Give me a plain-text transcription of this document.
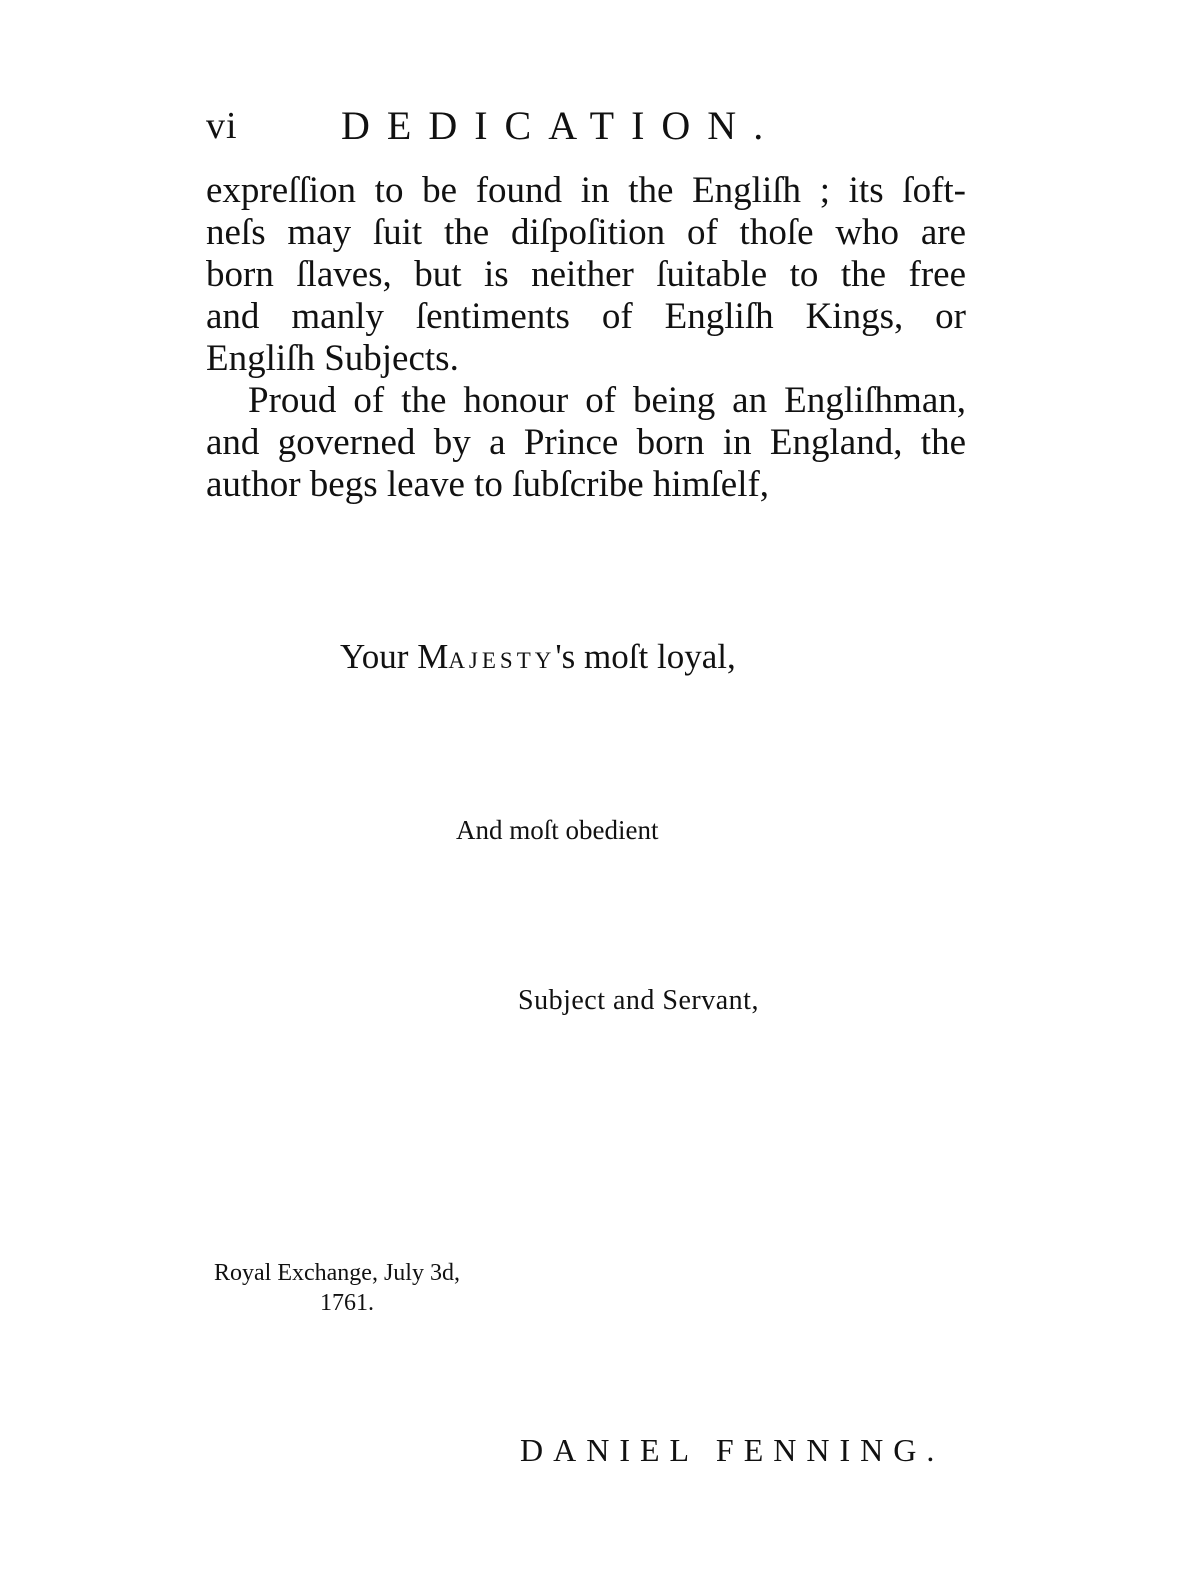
vi	DEDICATION.
expreſſion to be found in the Engliſh ; its ſoft-
neſs may ſuit the diſpoſition of thoſe who are
born ſlaves, but is neither ſuitable to the free
and manly ſentiments of Engliſh Kings, or
Engliſh Subjects.
Proud of the honour of being an Engliſhman,
and governed by a Prince born in England, the
author begs leave to ſubſcribe himſelf,
Your MAJESTY's moſt loyal,
And moſt obedient
Subject and Servant,
Royal Exchange, July 3d,
1761.
DANIEL FENNING.
